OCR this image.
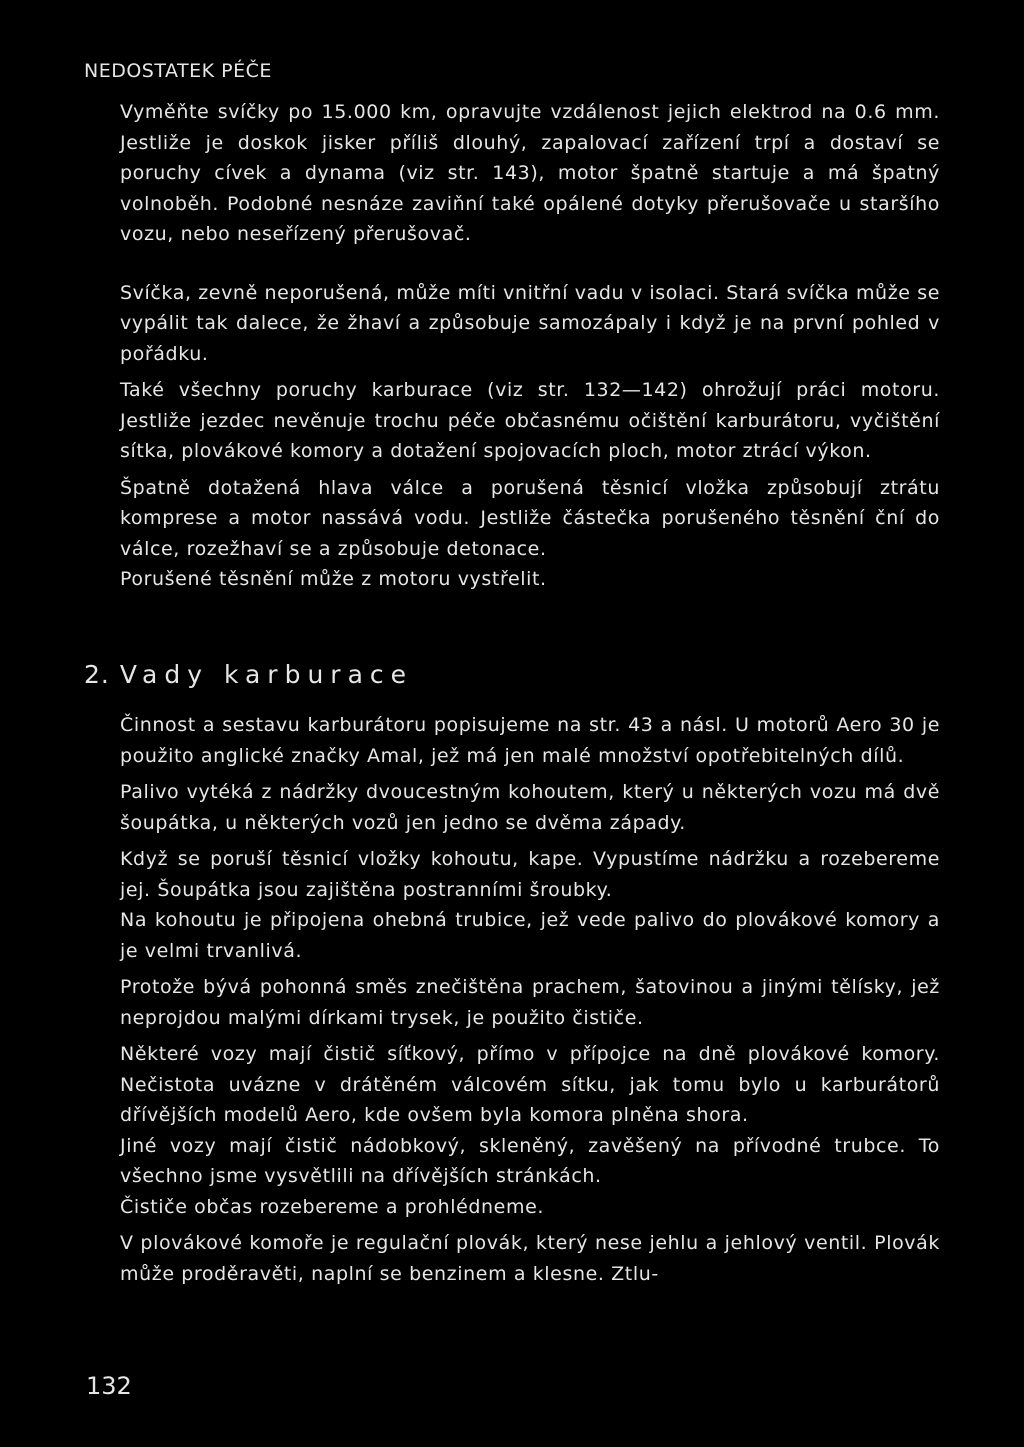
NEDOSTATEK PÉČE

Vyměňte svíčky po 15.000 km, opravujte vzdálenost jejich elektrod na 0.6 mm. Jestliže je doskok jisker příliš dlouhý, zapalovací zařízení trpí a dostaví se poruchy cívek a dynama (viz str. 143), motor špatně startuje a má špatný volnoběh. Podobné nesnáze zaviňní také opálené dotyky přerušovače u staršího vozu, nebo neseřízený přerušovač.

Svíčka, zevně neporušená, může míti vnitřní vadu v isolaci. Stará svíčka může se vypálit tak dalece, že žhaví a způsobuje samozápaly i když je na první pohled v pořádku.

Také všechny poruchy karburace (viz str. 132—142) ohrožují práci motoru. Jestliže jezdec nevěnuje trochu péče občasnému očištění karburátoru, vyčištění sítka, plovákové komory a dotažení spojovacích ploch, motor ztrácí výkon.

Špatně dotažená hlava válce a porušená těsnicí vložka způsobují ztrátu komprese a motor nassává vodu. Jestliže částečka porušeného těsnění ční do válce, rozežhaví se a způsobuje detonace.

Porušené těsnění může z motoru vystřelit.

2. Vady karburace

Činnost a sestavu karburátoru popisujeme na str. 43 a násl. U motorů Aero 30 je použito anglické značky Amal, jež má jen malé množství opotřebitelných dílů.

Palivo vytéká z nádržky dvoucestným kohoutem, který u některých vozu má dvě šoupátka, u některých vozů jen jedno se dvěma západy.

Když se poruší těsnicí vložky kohoutu, kape. Vypustíme nádržku a rozebereme jej. Šoupátka jsou zajištěna postranními šroubky.

Na kohoutu je připojena ohebná trubice, jež vede palivo do plovákové komory a je velmi trvanlivá.

Protože bývá pohonná směs znečištěna prachem, šatovinou a jinými tělísky, jež neprojdou malými dírkami trysek, je použito čističe.

Některé vozy mají čistič síťkový, přímo v přípojce na dně plovákové komory. Nečistota uvázne v drátěném válcovém sítku, jak tomu bylo u karburátorů dřívějších modelů Aero, kde ovšem byla komora plněna shora.

Jiné vozy mají čistič nádobkový, skleněný, zavěšený na přívodné trubce. To všechno jsme vysvětlili na dřívějších stránkách.

Čističe občas rozebereme a prohlédneme.

V plovákové komoře je regulační plovák, který nese jehlu a jehlový ventil. Plovák může proděravěti, naplní se benzinem a klesne. Ztlu-

132
